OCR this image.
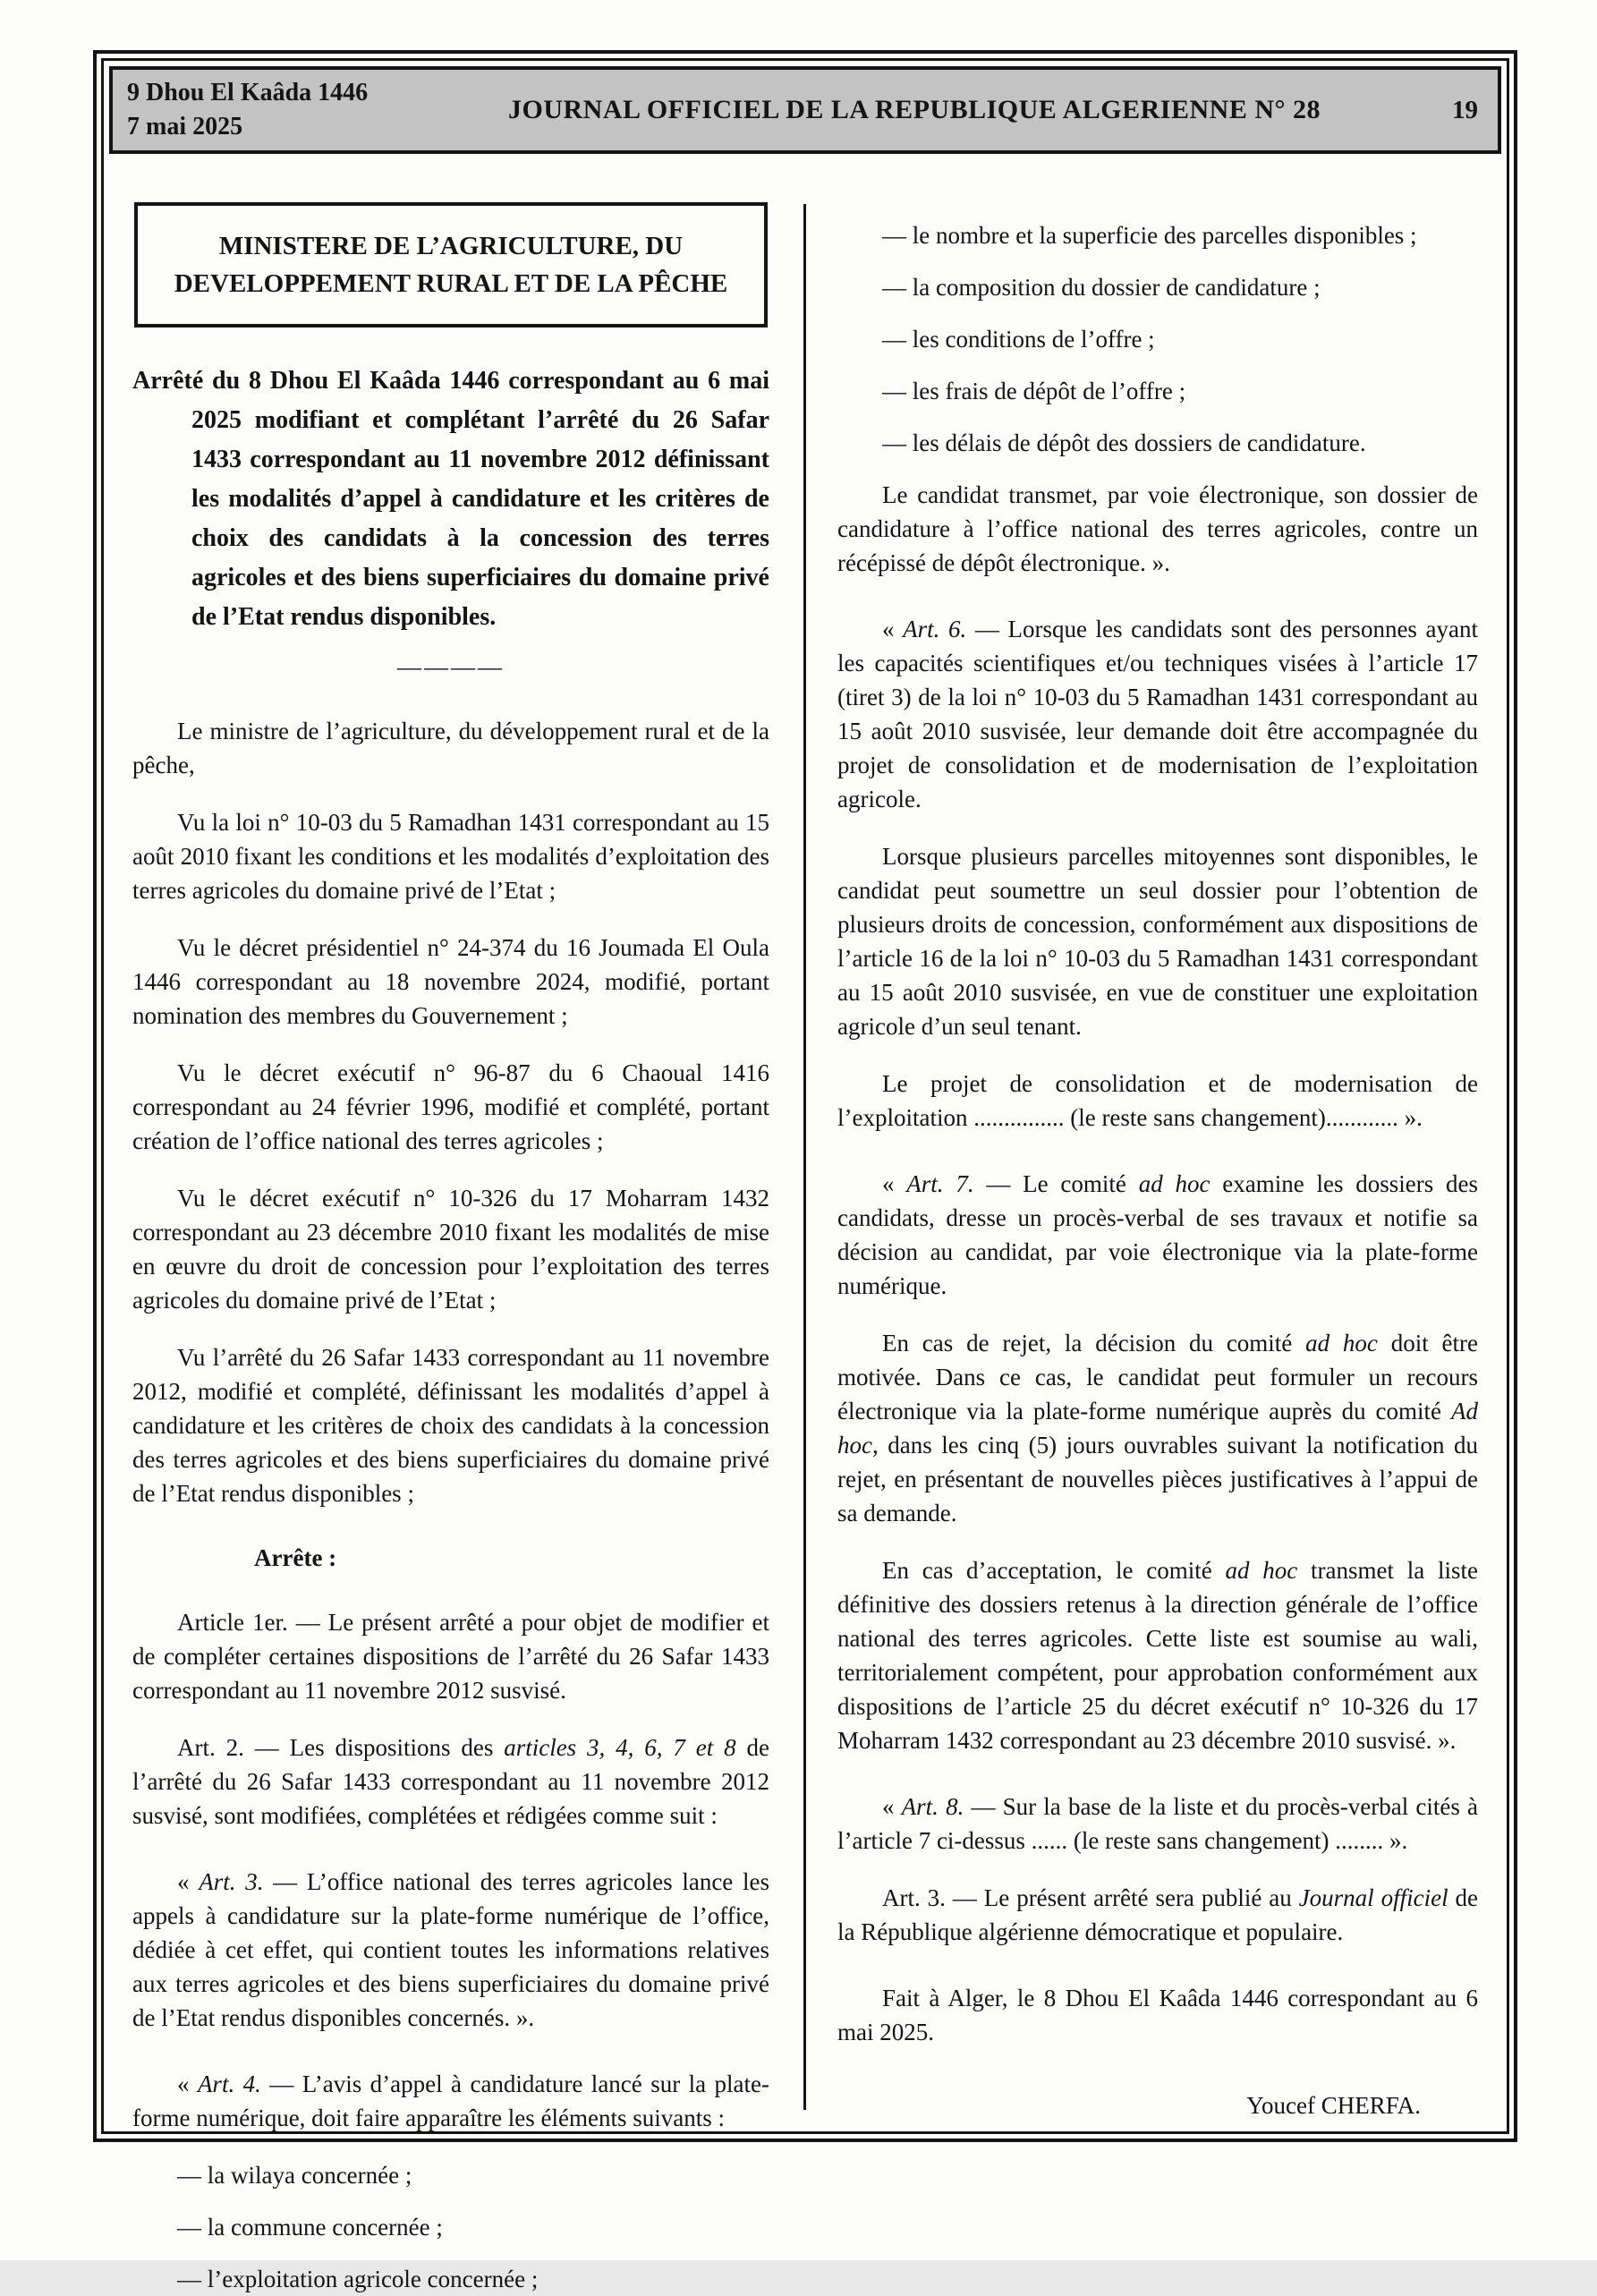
9 Dhou El Kaâda 1446
7 mai 2025
JOURNAL OFFICIEL DE LA REPUBLIQUE ALGERIENNE N° 28	19
MINISTERE DE L’AGRICULTURE, DU
DEVELOPPEMENT RURAL ET DE LA PÊCHE

Arrêté du 8 Dhou El Kaâda 1446 correspondant au 6 mai 2025 modifiant et complétant l’arrêté du 26 Safar 1433 correspondant au 11 novembre 2012 définissant les modalités d’appel à candidature et les critères de choix des candidats à la concession des terres agricoles et des biens superficiaires du domaine privé de l’Etat rendus disponibles.

————

Le ministre de l’agriculture, du développement rural et de la pêche,

Vu la loi n° 10-03 du 5 Ramadhan 1431 correspondant au 15 août 2010 fixant les conditions et les modalités d’exploitation des terres agricoles du domaine privé de l’Etat ;

Vu le décret présidentiel n° 24-374 du 16 Joumada El Oula 1446 correspondant au 18 novembre 2024, modifié, portant nomination des membres du Gouvernement ;

Vu le décret exécutif n° 96-87 du 6 Chaoual 1416 correspondant au 24 février 1996, modifié et complété, portant création de l’office national des terres agricoles ;

Vu le décret exécutif n° 10-326 du 17 Moharram 1432 correspondant au 23 décembre 2010 fixant les modalités de mise en œuvre du droit de concession pour l’exploitation des terres agricoles du domaine privé de l’Etat ;

Vu l’arrêté du 26 Safar 1433 correspondant au 11 novembre 2012, modifié et complété, définissant les modalités d’appel à candidature et les critères de choix des candidats à la concession des terres agricoles et des biens superficiaires du domaine privé de l’Etat rendus disponibles ;

Arrête :

Article 1er. — Le présent arrêté a pour objet de modifier et de compléter certaines dispositions de l’arrêté du 26 Safar 1433 correspondant au 11 novembre 2012 susvisé.

Art. 2. — Les dispositions des articles 3, 4, 6, 7 et 8 de l’arrêté du 26 Safar 1433 correspondant au 11 novembre 2012 susvisé, sont modifiées, complétées et rédigées comme suit :

« Art. 3. — L’office national des terres agricoles lance les appels à candidature sur la plate-forme numérique de l’office, dédiée à cet effet, qui contient toutes les informations relatives aux terres agricoles et des biens superficiaires du domaine privé de l’Etat rendus disponibles concernés. ».

« Art. 4. — L’avis d’appel à candidature lancé sur la plate-forme numérique, doit faire apparaître les éléments suivants :

— la wilaya concernée ;

— la commune concernée ;

— l’exploitation agricole concernée ;

— le nombre et la superficie des parcelles disponibles ;

— la composition du dossier de candidature ;

— les conditions de l’offre ;

— les frais de dépôt de l’offre ;

— les délais de dépôt des dossiers de candidature.

Le candidat transmet, par voie électronique, son dossier de candidature à l’office national des terres agricoles, contre un récépissé de dépôt électronique. ».

« Art. 6. — Lorsque les candidats sont des personnes ayant les capacités scientifiques et/ou techniques visées à l’article 17 (tiret 3) de la loi n° 10-03 du 5 Ramadhan 1431 correspondant au 15 août 2010 susvisée, leur demande doit être accompagnée du projet de consolidation et de modernisation de l’exploitation agricole.

Lorsque plusieurs parcelles mitoyennes sont disponibles, le candidat peut soumettre un seul dossier pour l’obtention de plusieurs droits de concession, conformément aux dispositions de l’article 16 de la loi n° 10-03 du 5 Ramadhan 1431 correspondant au 15 août 2010 susvisée, en vue de constituer une exploitation agricole d’un seul tenant.

Le projet de consolidation et de modernisation de l’exploitation ............... (le reste sans changement)............ ».

« Art. 7. — Le comité ad hoc examine les dossiers des candidats, dresse un procès-verbal de ses travaux et notifie sa décision au candidat, par voie électronique via la plate-forme numérique.

En cas de rejet, la décision du comité ad hoc doit être motivée. Dans ce cas, le candidat peut formuler un recours électronique via la plate-forme numérique auprès du comité Ad hoc, dans les cinq (5) jours ouvrables suivant la notification du rejet, en présentant de nouvelles pièces justificatives à l’appui de sa demande.

En cas d’acceptation, le comité ad hoc transmet la liste définitive des dossiers retenus à la direction générale de l’office national des terres agricoles. Cette liste est soumise au wali, territorialement compétent, pour approbation conformément aux dispositions de l’article 25 du décret exécutif n° 10-326 du 17 Moharram 1432 correspondant au 23 décembre 2010 susvisé. ».

« Art. 8. — Sur la base de la liste et du procès-verbal cités à l’article 7 ci-dessus ...... (le reste sans changement) ........ ».

Art. 3. — Le présent arrêté sera publié au Journal officiel de la République algérienne démocratique et populaire.

Fait à Alger, le 8 Dhou El Kaâda 1446 correspondant au 6 mai 2025.

Youcef CHERFA.
